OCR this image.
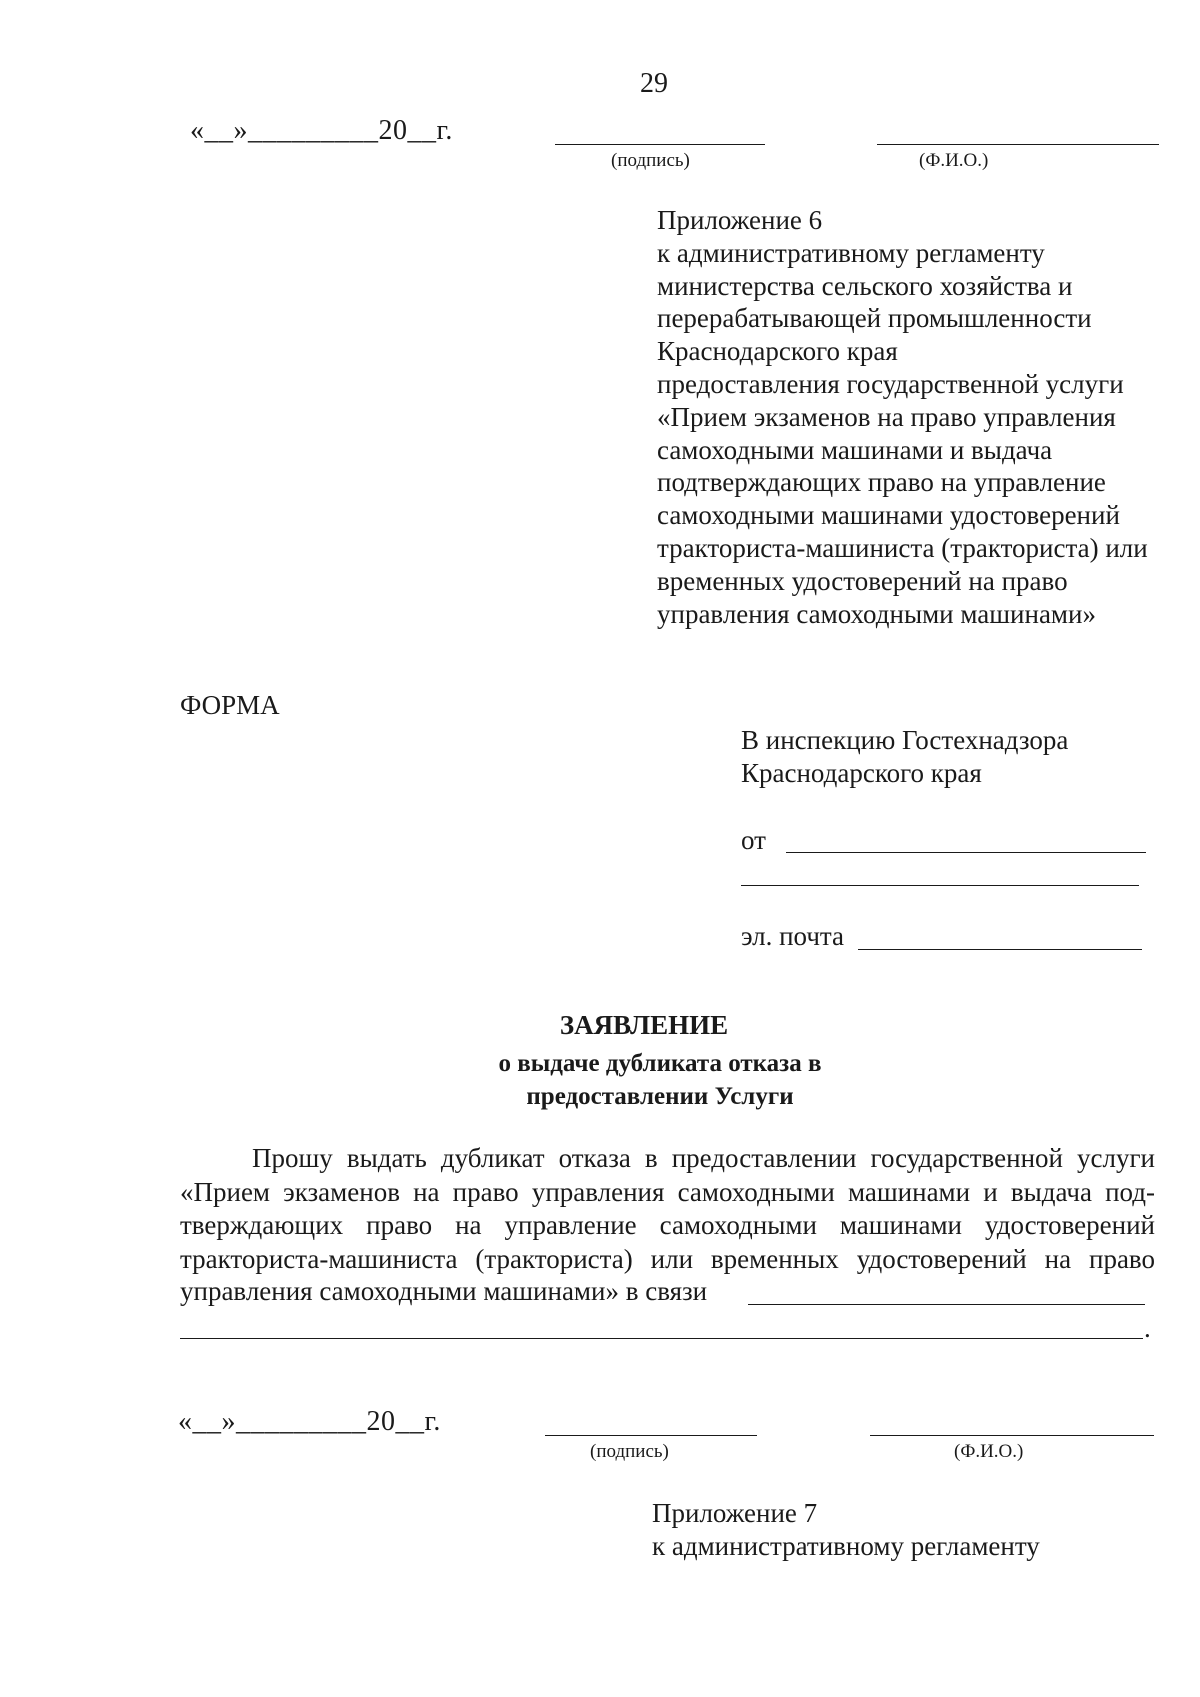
29
«__»_________20__г.
(подпись)	(Ф.И.О.)
Приложение 6
к административному регламенту
министерства сельского хозяйства и
перерабатывающей промышленности
Краснодарского края
предоставления государственной услуги
«Прием экзаменов на право управления
самоходными машинами и выдача
подтверждающих право на управление
самоходными машинами удостоверений
тракториста-машиниста (тракториста) или
временных удостоверений на право
управления самоходными машинами»
ФОРМА
В инспекцию Гостехнадзора
Краснодарского края
от
эл. почта
ЗАЯВЛЕНИЕ
о выдаче дубликата отказа в
предоставлении Услуги
Прошу выдать дубликат отказа в предоставлении государственной услуги
«Прием экзаменов на право управления самоходными машинами и выдача под-
тверждающих право на управление самоходными машинами удостоверений
тракториста-машиниста (тракториста) или временных удостоверений на право
управления самоходными машинами» в связи
.
«__»_________20__г.
(подпись)	(Ф.И.О.)
Приложение 7
к административному регламенту
